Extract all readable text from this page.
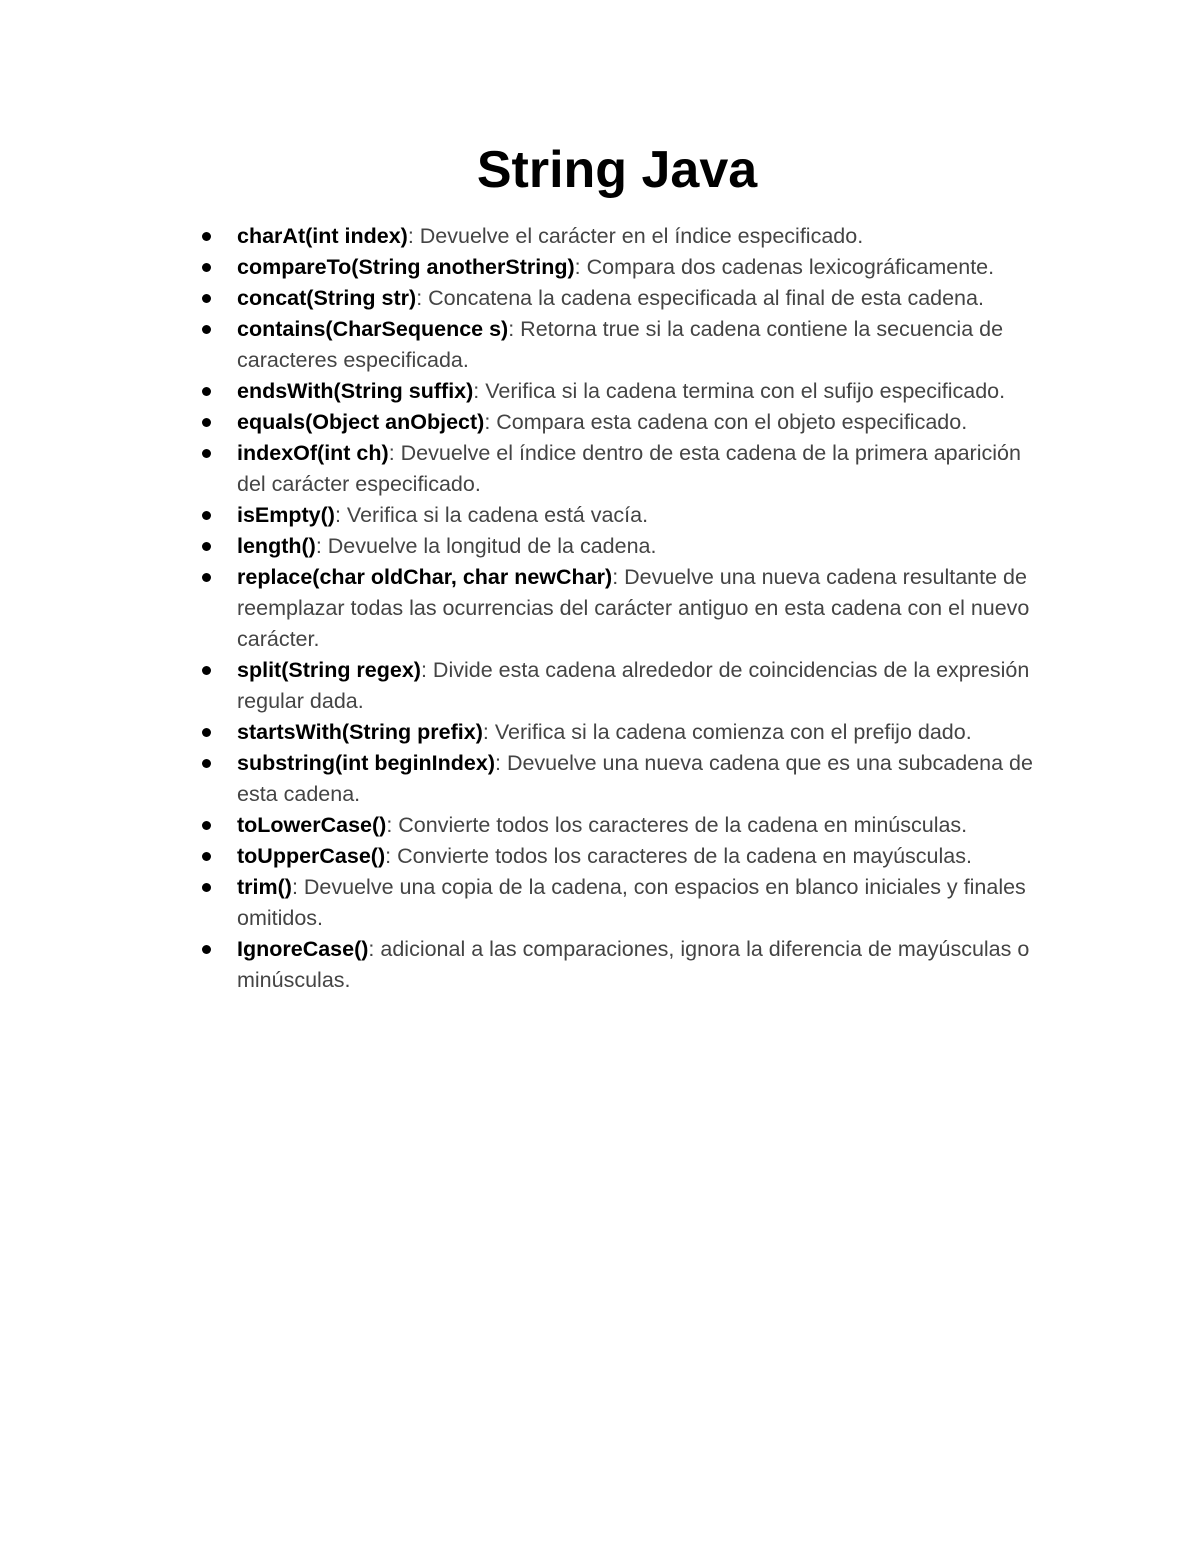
String Java
charAt(int index): Devuelve el carácter en el índice especificado.
compareTo(String anotherString): Compara dos cadenas lexicográficamente.
concat(String str): Concatena la cadena especificada al final de esta cadena.
contains(CharSequence s): Retorna true si la cadena contiene la secuencia de caracteres especificada.
endsWith(String suffix): Verifica si la cadena termina con el sufijo especificado.
equals(Object anObject): Compara esta cadena con el objeto especificado.
indexOf(int ch): Devuelve el índice dentro de esta cadena de la primera aparición del carácter especificado.
isEmpty(): Verifica si la cadena está vacía.
length(): Devuelve la longitud de la cadena.
replace(char oldChar, char newChar): Devuelve una nueva cadena resultante de reemplazar todas las ocurrencias del carácter antiguo en esta cadena con el nuevo carácter.
split(String regex): Divide esta cadena alrededor de coincidencias de la expresión regular dada.
startsWith(String prefix): Verifica si la cadena comienza con el prefijo dado.
substring(int beginIndex): Devuelve una nueva cadena que es una subcadena de esta cadena.
toLowerCase(): Convierte todos los caracteres de la cadena en minúsculas.
toUpperCase(): Convierte todos los caracteres de la cadena en mayúsculas.
trim(): Devuelve una copia de la cadena, con espacios en blanco iniciales y finales omitidos.
IgnoreCase(): adicional a las comparaciones, ignora la diferencia de mayúsculas o minúsculas.
